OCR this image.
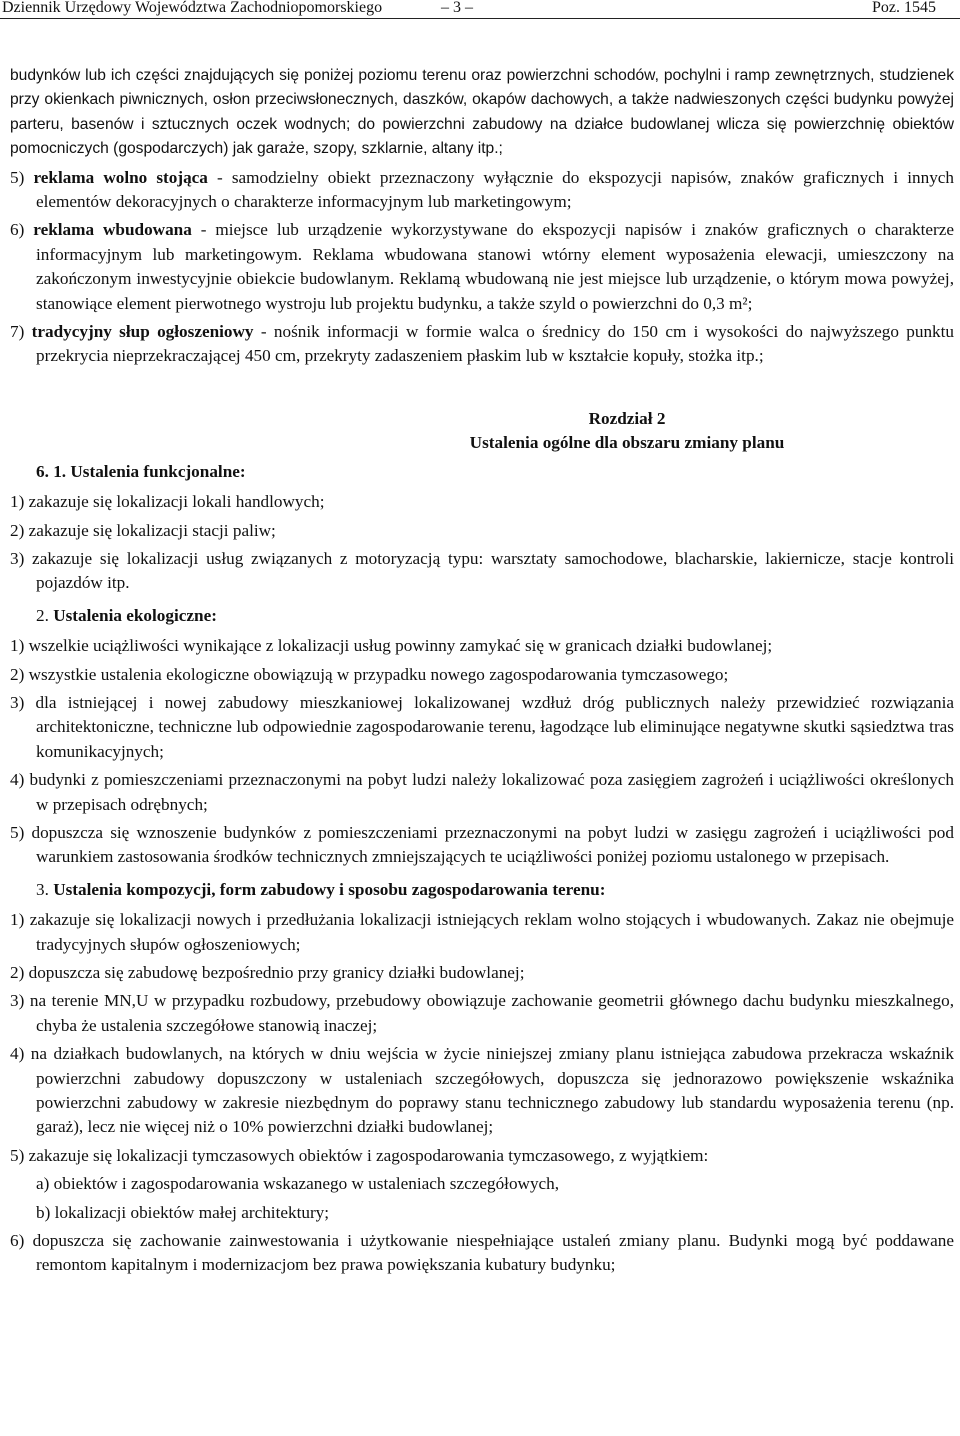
Dziennik Urzędowy Województwa Zachodniopomorskiego	– 3 –	Poz. 1545

budynków lub ich części znajdujących się poniżej poziomu terenu oraz powierzchni schodów, pochylni i ramp zewnętrznych, studzienek przy okienkach piwnicznych, osłon przeciwsłonecznych, daszków, okapów dachowych, a także nadwieszonych części budynku powyżej parteru, basenów i sztucznych oczek wodnych; do powierzchni zabudowy na działce budowlanej wlicza się powierzchnię obiektów pomocniczych (gospodarczych) jak garaże, szopy, szklarnie, altany itp.;

5) reklama wolno stojąca - samodzielny obiekt przeznaczony wyłącznie do ekspozycji napisów, znaków graficznych i innych elementów dekoracyjnych o charakterze informacyjnym lub marketingowym;

6) reklama wbudowana - miejsce lub urządzenie wykorzystywane do ekspozycji napisów i znaków graficznych o charakterze informacyjnym lub marketingowym. Reklama wbudowana stanowi wtórny element wyposażenia elewacji, umieszczony na zakończonym inwestycyjnie obiekcie budowlanym. Reklamą wbudowaną nie jest miejsce lub urządzenie, o którym mowa powyżej, stanowiące element pierwotnego wystroju lub projektu budynku, a także szyld o powierzchni do 0,3 m²;

7) tradycyjny słup ogłoszeniowy - nośnik informacji w formie walca o średnicy do 150 cm i wysokości do najwyższego punktu przekrycia nieprzekraczającej 450 cm, przekryty zadaszeniem płaskim lub w kształcie kopuły, stożka itp.;

Rozdział 2

Ustalenia ogólne dla obszaru zmiany planu

6. 1. Ustalenia funkcjonalne:

1) zakazuje się lokalizacji lokali handlowych;

2) zakazuje się lokalizacji stacji paliw;

3) zakazuje się lokalizacji usług związanych z motoryzacją typu: warsztaty samochodowe, blacharskie, lakiernicze, stacje kontroli pojazdów itp.

2. Ustalenia ekologiczne:

1) wszelkie uciążliwości wynikające z lokalizacji usług powinny zamykać się w granicach działki budowlanej;

2) wszystkie ustalenia ekologiczne obowiązują w przypadku nowego zagospodarowania tymczasowego;

3) dla istniejącej i nowej zabudowy mieszkaniowej lokalizowanej wzdłuż dróg publicznych należy przewidzieć rozwiązania architektoniczne, techniczne lub odpowiednie zagospodarowanie terenu, łagodzące lub eliminujące negatywne skutki sąsiedztwa tras komunikacyjnych;

4) budynki z pomieszczeniami przeznaczonymi na pobyt ludzi należy lokalizować poza zasięgiem zagrożeń i uciążliwości określonych w przepisach odrębnych;

5) dopuszcza się wznoszenie budynków z pomieszczeniami przeznaczonymi na pobyt ludzi w zasięgu zagrożeń i uciążliwości pod warunkiem zastosowania środków technicznych zmniejszających te uciążliwości poniżej poziomu ustalonego w przepisach.

3. Ustalenia kompozycji, form zabudowy i sposobu zagospodarowania terenu:

1) zakazuje się lokalizacji nowych i przedłużania lokalizacji istniejących reklam wolno stojących i wbudowanych. Zakaz nie obejmuje tradycyjnych słupów ogłoszeniowych;

2) dopuszcza się zabudowę bezpośrednio przy granicy działki budowlanej;

3) na terenie MN,U w przypadku rozbudowy, przebudowy obowiązuje zachowanie geometrii głównego dachu budynku mieszkalnego, chyba że ustalenia szczegółowe stanowią inaczej;

4) na działkach budowlanych, na których w dniu wejścia w życie niniejszej zmiany planu istniejąca zabudowa przekracza wskaźnik powierzchni zabudowy dopuszczony w ustaleniach szczegółowych, dopuszcza się jednorazowo powiększenie wskaźnika powierzchni zabudowy w zakresie niezbędnym do poprawy stanu technicznego zabudowy lub standardu wyposażenia terenu (np. garaż), lecz nie więcej niż o 10% powierzchni działki budowlanej;

5) zakazuje się lokalizacji tymczasowych obiektów i zagospodarowania tymczasowego, z wyjątkiem:

a) obiektów i zagospodarowania wskazanego w ustaleniach szczegółowych,

b) lokalizacji obiektów małej architektury;

6) dopuszcza się zachowanie zainwestowania i użytkowanie niespełniające ustaleń zmiany planu. Budynki mogą być poddawane remontom kapitalnym i modernizacjom bez prawa powiększania kubatury budynku;
